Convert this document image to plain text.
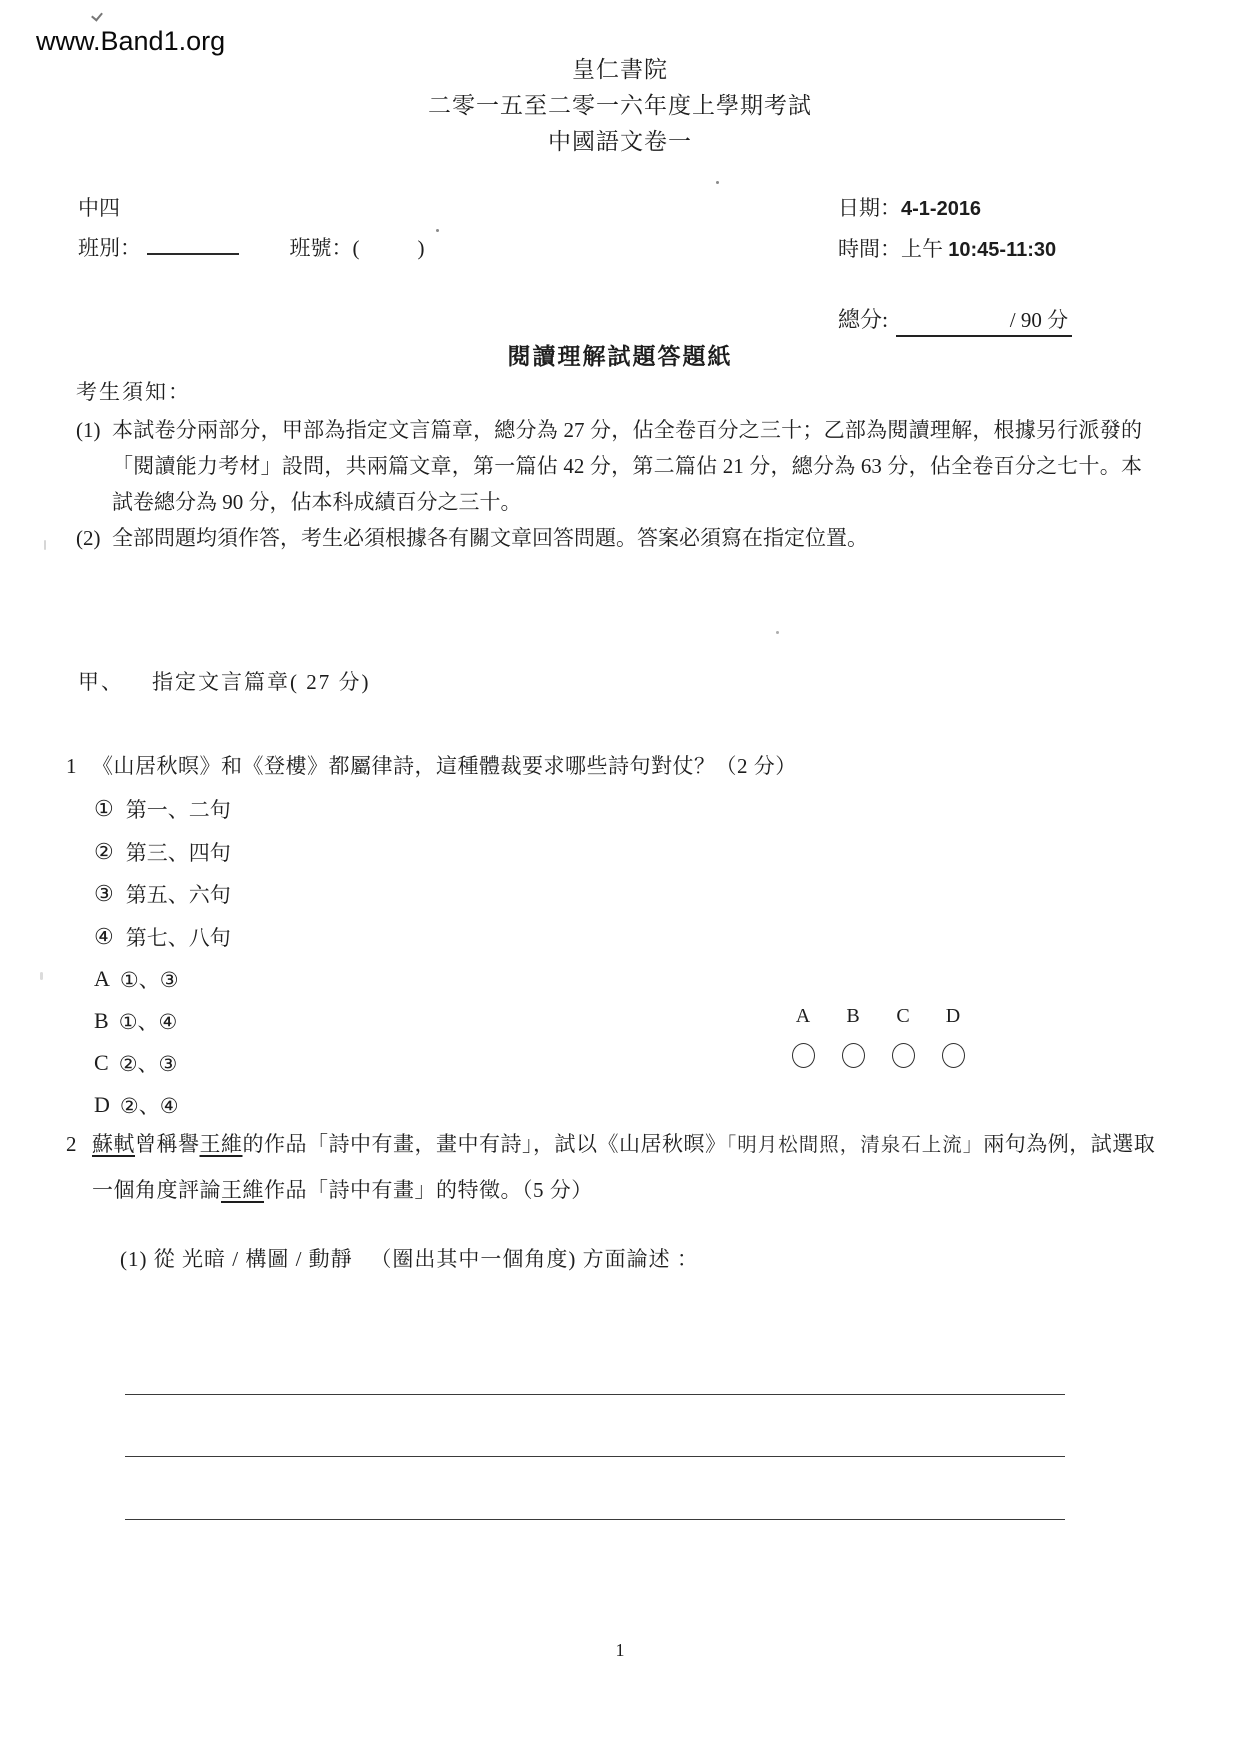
www.Band1.org
皇仁書院
二零一五至二零一六年度上學期考試
中國語文卷一
中四
班別：	班號：(	)
日期：4-1-2016
時間：上午 10:45-11:30
總分:	/ 90 分
閱讀理解試題答題紙
考生須知：
(1) 本試卷分兩部分，甲部為指定文言篇章，總分為 27 分，佔全卷百分之三十；乙部為閱讀理解，根據另行派發的「閱讀能力考材」設問，共兩篇文章，第一篇佔 42 分，第二篇佔 21 分，總分為 63 分，佔全卷百分之七十。本試卷總分為 90 分，佔本科成績百分之三十。
(2) 全部問題均須作答，考生必須根據各有關文章回答問題。答案必須寫在指定位置。
甲、 指定文言篇章( 27 分)
1 《山居秋暝》和《登樓》都屬律詩，這種體裁要求哪些詩句對仗？（2 分）
① 第一、二句
② 第三、四句
③ 第五、六句
④ 第七、八句
A ①、③
B ①、④
C ②、③
D ②、④
A B C D
2 蘇軾曾稱譽王維的作品「詩中有畫，畫中有詩」，試以《山居秋暝》「明月松間照，清泉石上流」兩句為例，試選取一個角度評論王維作品「詩中有畫」的特徵。（5 分）
(1) 從 光暗 / 構圖 / 動靜 　（圈出其中一個角度) 方面論述 ：
1
